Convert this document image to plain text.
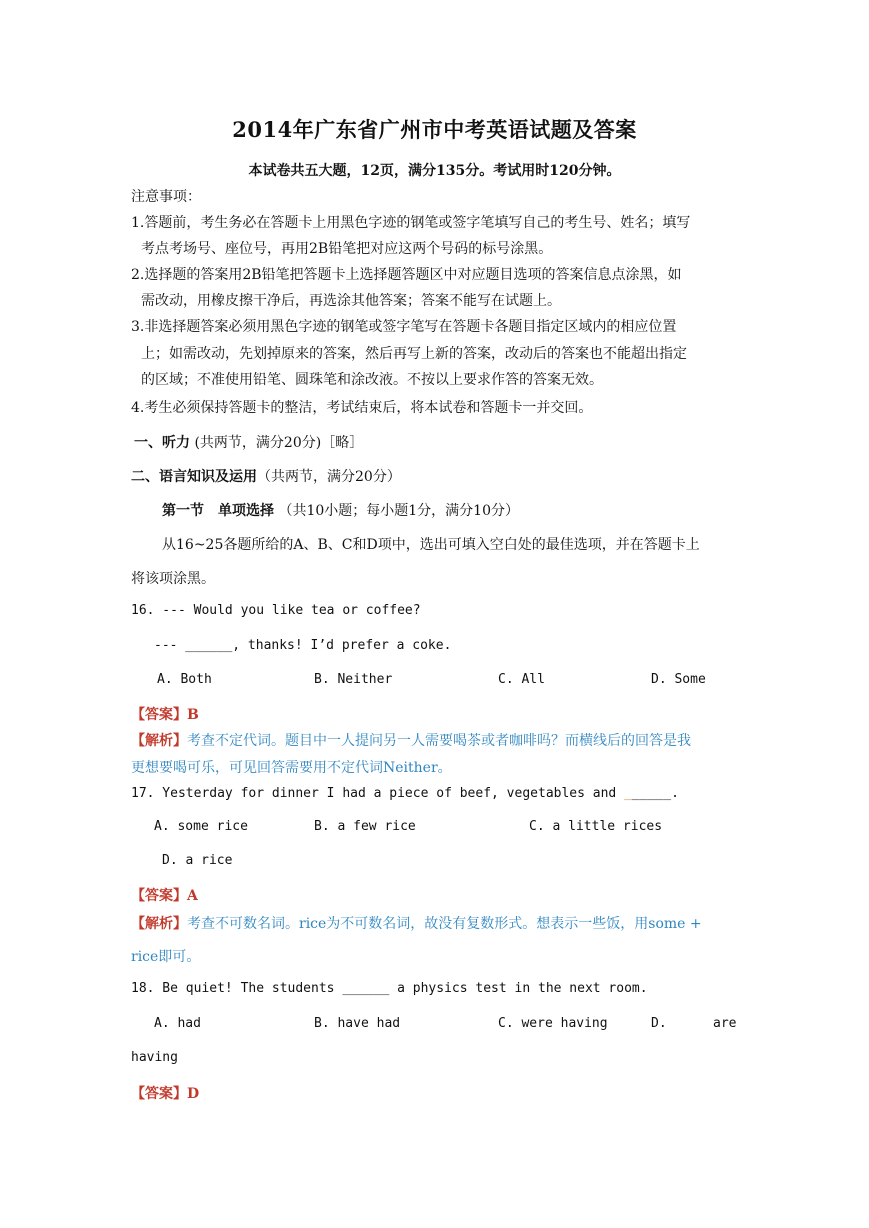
2014年广东省广州市中考英语试题及答案
本试卷共五大题，12页，满分135分。考试用时120分钟。
注意事项：
1.答题前，考生务必在答题卡上用黑色字迹的钢笔或签字笔填写自己的考生号、姓名；填写
考点考场号、座位号，再用2B铅笔把对应这两个号码的标号涂黑。
2.选择题的答案用2B铅笔把答题卡上选择题答题区中对应题目选项的答案信息点涂黑，如
需改动，用橡皮擦干净后，再选涂其他答案；答案不能写在试题上。
3.非选择题答案必须用黑色字迹的钢笔或签字笔写在答题卡各题目指定区域内的相应位置
上；如需改动，先划掉原来的答案，然后再写上新的答案，改动后的答案也不能超出指定
的区域；不准使用铅笔、圆珠笔和涂改液。不按以上要求作答的答案无效。
4.考生必须保持答题卡的整洁，考试结束后，将本试卷和答题卡一并交回。
一、听力 (共两节，满分20分)［略］
二、语言知识及运用（共两节，满分20分）
第一节　单项选择 （共10小题；每小题1分，满分10分）
从16~25各题所给的A、B、C和D项中，选出可填入空白处的最佳选项，并在答题卡上
将该项涂黑。
16. --- Would you like tea or coffee?
--- ______, thanks! I’d prefer a coke.
A. Both	B. Neither	C. All	D. Some
【答案】B
【解析】考查不定代词。题目中一人提问另一人需要喝茶或者咖啡吗？而横线后的回答是我
更想要喝可乐，可见回答需要用不定代词Neither。
17. Yesterday for dinner I had a piece of beef, vegetables and ______.
A. some rice	B. a few rice	C. a little rices
D. a rice
【答案】A
【解析】考查不可数名词。rice为不可数名词，故没有复数形式。想表示一些饭，用some +
rice即可。
18. Be quiet! The students ______ a physics test in the next room.
A. had	B. have had	C. were having	D.	are
having
【答案】D
